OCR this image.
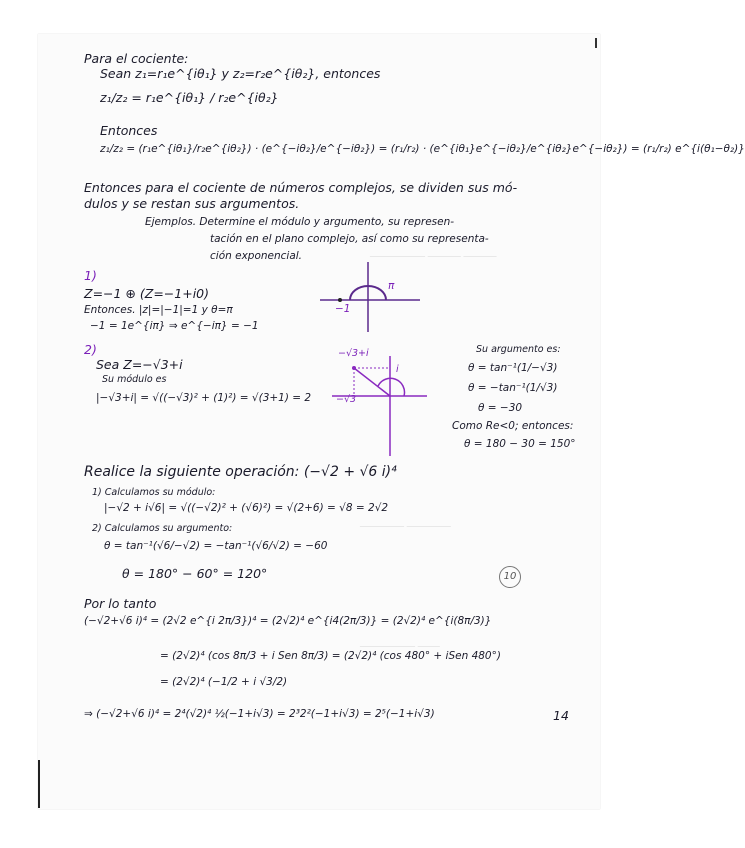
————— ——— ———
———— ————
————— ——
Para el cociente:
Sean z₁=r₁e^{iθ₁} y z₂=r₂e^{iθ₂}, entonces
z₁/z₂ = r₁e^{iθ₁} / r₂e^{iθ₂}
Entonces
z₁/z₂ = (r₁e^{iθ₁}/r₂e^{iθ₂}) · (e^{−iθ₂}/e^{−iθ₂}) = (r₁/r₂) · (e^{iθ₁}e^{−iθ₂}/e^{iθ₂}e^{−iθ₂}) = (r₁/r₂) e^{i(θ₁−θ₂)}
Entonces para el cociente de números complejos, se dividen sus mó-
dulos y se restan sus argumentos.
Ejemplos. Determine el módulo y argumento, su represen-
tación en el plano complejo, así como su representa-
ción exponencial.
1)
Z=−1 ⊕ (Z=−1+i0)
Entonces. |z|=|−1|=1 y θ=π
−1 = 1e^{iπ} ⇒ e^{−iπ} = −1
−1
π
2)
Sea Z=−√3+i
Su módulo es
|−√3+i| = √((−√3)² + (1)²) = √(3+1) = 2
−√3+i
−√3
i
Su argumento es:
θ = tan⁻¹(1/−√3)
θ = −tan⁻¹(1/√3)
θ = −30
Como Re<0; entonces:
θ = 180 − 30 = 150°
Realice la siguiente operación: (−√2 + √6 i)⁴
1) Calculamos su módulo:
|−√2 + i√6| = √((−√2)² + (√6)²) = √(2+6) = √8 = 2√2
2) Calculamos su argumento:
θ = tan⁻¹(√6/−√2) = −tan⁻¹(√6/√2) = −60
θ = 180° − 60° = 120°	10
Por lo tanto
(−√2+√6 i)⁴ = (2√2 e^{i 2π/3})⁴ = (2√2)⁴ e^{i4(2π/3)} = (2√2)⁴ e^{i(8π/3)}
= (2√2)⁴ (cos 8π/3 + i Sen 8π/3) = (2√2)⁴ (cos 480° + iSen 480°)
= (2√2)⁴ (−1/2 + i √3/2)
⇒ (−√2+√6 i)⁴ = 2⁴(√2)⁴ ½(−1+i√3) = 2³2²(−1+i√3) = 2⁵(−1+i√3)	14
